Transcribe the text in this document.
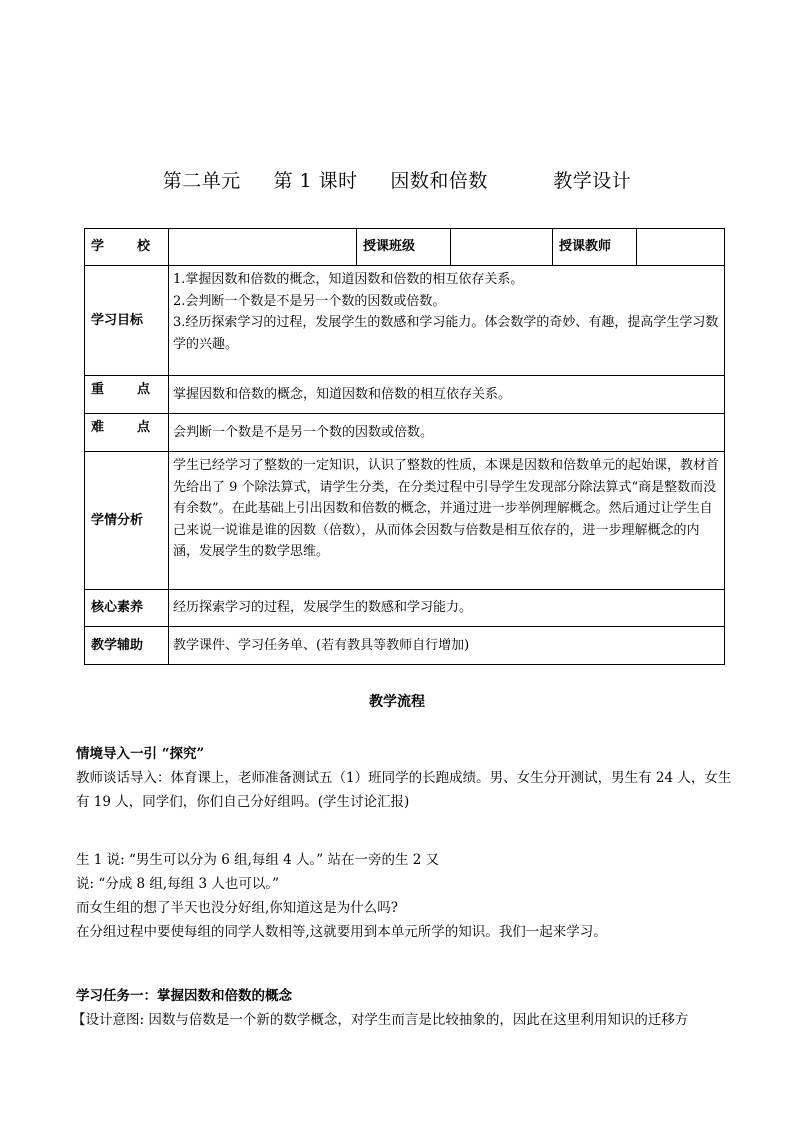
第二单元     第 1 课时     因数和倍数          教学设计
学 校		授课班级		授课教师	
学习目标	1.掌握因数和倍数的概念，知道因数和倍数的相互依存关系。
2.会判断一个数是不是另一个数的因数或倍数。
3.经历探索学习的过程，发展学生的数感和学习能力。体会数学的奇妙、有趣，提高学生学习数学的兴趣。				

重 点	掌握因数和倍数的概念，知道因数和倍数的相互依存关系。				

难 点	会判断一个数是不是另一个数的因数或倍数。				
学情分析	学生已经学习了整数的一定知识，认识了整数的性质，本课是因数和倍数单元的起始课，教材首先给出了 9 个除法算式，请学生分类，在分类过程中引导学生发现部分除法算式“商是整数而没有余数”。在此基础上引出因数和倍数的概念，并通过进一步举例理解概念。然后通过让学生自己来说一说谁是谁的因数（倍数），从而体会因数与倍数是相互依存的，进一步理解概念的内涵，发展学生的数学思维。				
核心素养	经历探索学习的过程，发展学生的数感和学习能力。				
教学辅助	教学课件、学习任务单、(若有教具等教师自行增加)				
教学流程

情境导入一引 “探究”

教师谈话导入：体育课上，老师准备测试五（1）班同学的长跑成绩。男、女生分开测试，男生有 24 人，女生有 19 人，同学们，你们自己分好组吗。(学生讨论汇报)

生 1 说: “男生可以分为 6 组,每组 4 人。” 站在一旁的生 2 又

说: “分成 8 组,每组 3 人也可以。”

而女生组的想了半天也没分好组,你知道这是为什么吗?

在分组过程中要使每组的同学人数相等,这就要用到本单元所学的知识。我们一起来学习。

学习任务一：掌握因数和倍数的概念

【设计意图: 因数与倍数是一个新的数学概念，对学生而言是比较抽象的，因此在这里利用知识的迁移方
